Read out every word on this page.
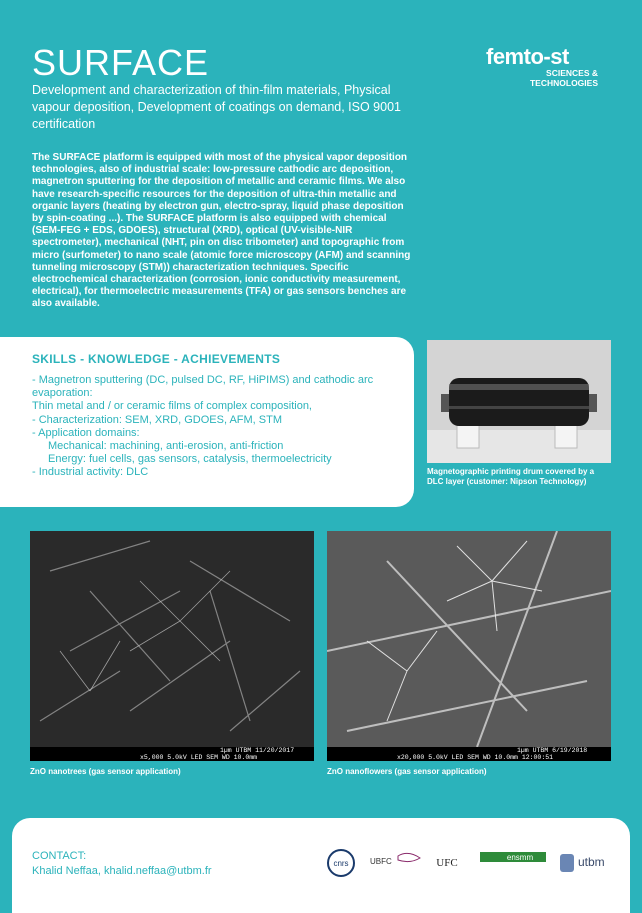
SURFACE
Development and characterization of thin-film materials, Physical vapour deposition, Development of coatings on demand, ISO 9001 certification
femto-st
SCIENCES &
TECHNOLOGIES
The SURFACE platform is equipped with most of the physical vapor deposition technologies, also of industrial scale: low-pressure cathodic arc deposition, magnetron sputtering for the deposition of metallic and ceramic films. We also have research-specific resources for the deposition of ultra-thin metallic and organic layers (heating by electron gun, electro-spray, liquid phase deposition by spin-coating ...). The SURFACE platform is also equipped with chemical (SEM-FEG + EDS, GDOES), structural (XRD), optical (UV-visible-NIR spectrometer), mechanical (NHT, pin on disc tribometer) and topographic from micro (surfometer) to nano scale (atomic force microscopy (AFM) and scanning tunneling microscopy (STM)) characterization techniques. Specific electrochemical characterization (corrosion, ionic conductivity measurement, electrical), for thermoelectric measurements (TFA) or gas sensors benches are also available.
SKILLS - KNOWLEDGE - ACHIEVEMENTS
- Magnetron sputtering (DC, pulsed DC, RF, HiPIMS) and cathodic arc evaporation:
Thin metal and / or ceramic films of complex composition,
- Characterization: SEM, XRD, GDOES, AFM, STM
- Application domains:
Mechanical: machining, anti-erosion, anti-friction
Energy: fuel cells, gas sensors, catalysis, thermoelectricity
- Industrial activity: DLC	Magnetographic printing drum covered by a DLC layer (customer: Nipson Technology)
1µm UTBM 11/20/2017
x5,000 5.0kV LED SEM WD 10.0mm
ZnO nanotrees (gas sensor application)
1µm UTBM 6/19/2018
x20,000 5.0kV LED SEM WD 10.0mm 12:00:51
ZnO nanoflowers (gas sensor application)
CONTACT:
Khalid Neffaa, khalid.neffaa@utbm.fr
cnrs	UBFC	UFC	ensmm	utbm
